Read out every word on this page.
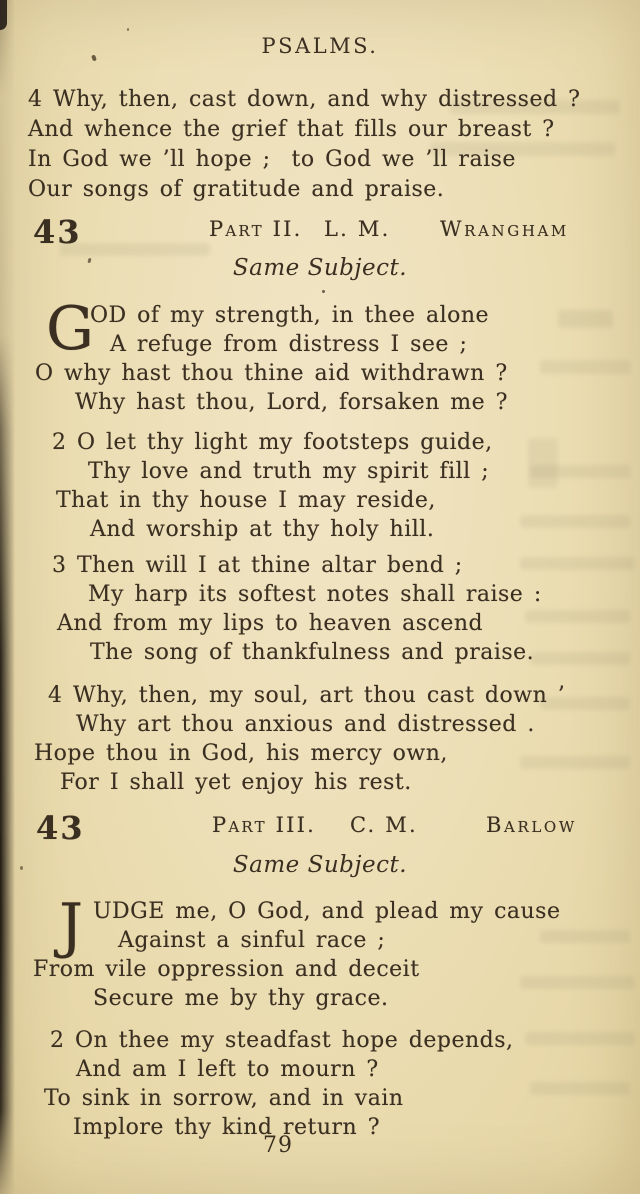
PSALMS.
4 Why, then, cast down, and why distressed ?
And whence the grief that fills our breast ?
In God we ’ll hope ;  to God we ’ll raise
Our songs of gratitude and praise.
43	Part II. L. M. Wrangham
Same Subject.
G
OD of my strength, in thee alone
A refuge from distress I see ;
O why hast thou thine aid withdrawn ?
Why hast thou, Lord, forsaken me ?
2 O let thy light my footsteps guide,
Thy love and truth my spirit fill ;
That in thy house I may reside,
And worship at thy holy hill.
3 Then will I at thine altar bend ;
My harp its softest notes shall raise :
And from my lips to heaven ascend
The song of thankfulness and praise.
4 Why, then, my soul, art thou cast down ’
Why art thou anxious and distressed .
Hope thou in God, his mercy own,
For I shall yet enjoy his rest.
43	Part III. C. M.	Barlow
Same Subject.
J UDGE me, O God, and plead my cause
Against a sinful race ;
From vile oppression and deceit
Secure me by thy grace.
2 On thee my steadfast hope depends,
And am I left to mourn ?
To sink in sorrow, and in vain
Implore thy kind return ?
79
